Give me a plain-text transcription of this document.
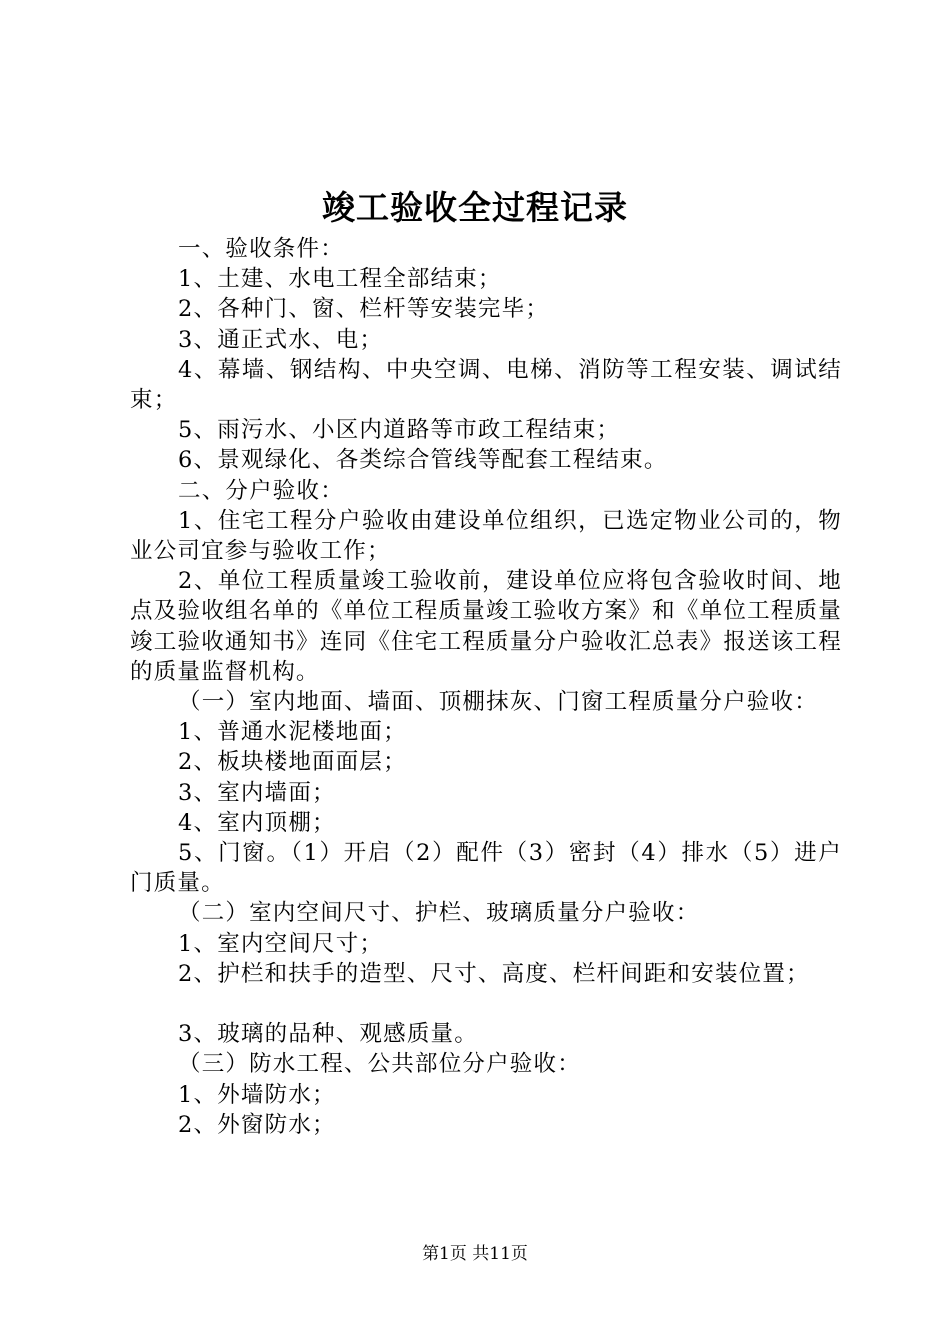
竣工验收全过程记录

一、验收条件：

1、土建、水电工程全部结束；

2、各种门、窗、栏杆等安装完毕；

3、通正式水、电；

4、幕墙、钢结构、中央空调、电梯、消防等工程安装、调试结束；

5、雨污水、小区内道路等市政工程结束；

6、景观绿化、各类综合管线等配套工程结束。

二、分户验收：

1、住宅工程分户验收由建设单位组织，已选定物业公司的，物业公司宜参与验收工作；

2、单位工程质量竣工验收前，建设单位应将包含验收时间、地点及验收组名单的《单位工程质量竣工验收方案》和《单位工程质量竣工验收通知书》连同《住宅工程质量分户验收汇总表》报送该工程的质量监督机构。

（一）室内地面、墙面、顶棚抹灰、门窗工程质量分户验收：

1、普通水泥楼地面；

2、板块楼地面面层；

3、室内墙面；

4、室内顶棚；

5、门窗。（1）开启（2）配件（3）密封（4）排水（5）进户门质量。

（二）室内空间尺寸、护栏、玻璃质量分户验收：

1、室内空间尺寸；

2、护栏和扶手的造型、尺寸、高度、栏杆间距和安装位置；

3、玻璃的品种、观感质量。

（三）防水工程、公共部位分户验收：

1、外墙防水；

2、外窗防水；

第1页 共11页
